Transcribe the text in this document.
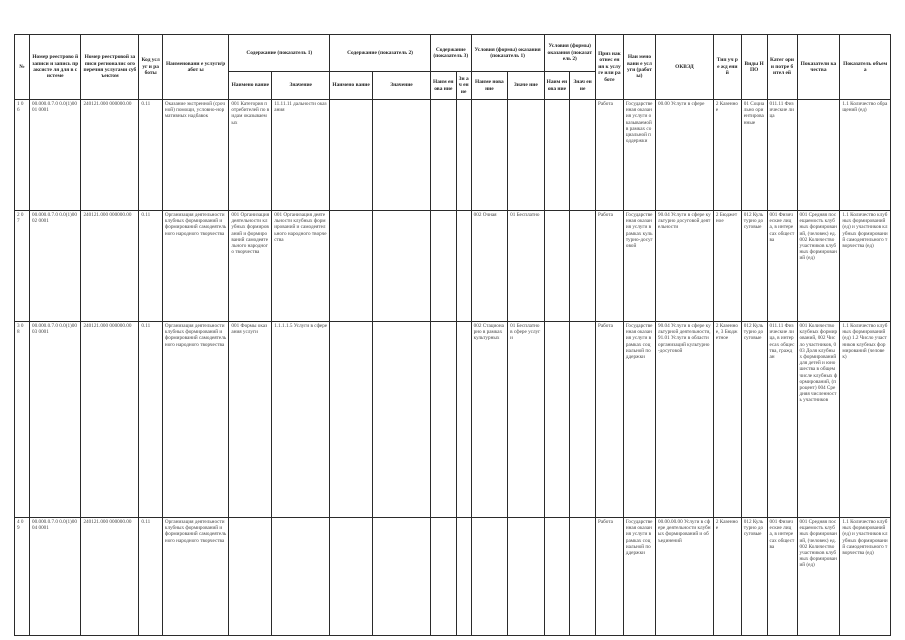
№	Номер реестрово й записи и запись праксисте ля для в системе	Номер реестровой записи регионалис ого перечня услугами субъектом	Код услуг и работы	Наименовани е услуги/работ ы	Содержание (показатель 1)		Содержание (показатель 2)		Содержание (показатель 3)		Условия (формы) оказания (показатель 1)		Условия (формы) оказания (показатель 2)		Приз нак отнес ения к услуге или работе	Наи мено вани е услуги (работ ы)	ОКВЭД	Тип уч ре жд ени й	Виды НПО	Катег ории потре бител ей	Показатели качества	Показатель объема
					Наимено вание	Значение	Наимено вание	Значение	Наим енова ние	Зн ач ен ие	Наиме нование	Значе ние	Наим енова ние	Знач ение								
1 0 6	00.000.0.7.0 0.0(1)0001 0001	240121.000 000000.00	0.11	Оказание экстренной (срочной) помощи, условно-нормативных надбавок	001 Категория потребителей по видам оказываемых	11.11.11 дальности оказания									Работа	Государственная оказания услуги оказываемой в рамках социальной поддержки	00.00 Услуги в сфере	2 Казенное	01 Социально ориентированные	011.11 Физические лица		1.1 Количество обращений (ед)
2 0 7	00.000.0.7.0 0.0(1)0002 0001	240121.000 000000.00	0.11	Организация деятельности клубных формирований и формирований самодеятельного народного творчества	001 Организация деятельности клубных формирований и формирований самодеятельного народного творчества	001 Организация деятельности клубных формирований и самодеятельного народного творчества					002 Очная	01 Бесплатно			Работа	Государственная оказания услуги в рамках культурно-досуговой	90.04 Услуги в сфере культурно досуговой деятельности	2 Бюджетное	012 Культурно досуговые	001 Физические лица, в интересах общества	001 Средняя посещаемость клубных формирований, (человек) ед. 002 Количество участников клубных формирований (ед)	1.1 Количество клубных формирований (ед) и участников клубных формирований самодеятельного творчества (ед)
3 0 8	00.000.0.7.0 0.0(1)0003 0001	240121.000 000000.00	0.11	Организация деятельности клубных формирований и формирований самодеятельного народного творчества	001 Формы оказания услуги	1.1.1.1.5 Услуги в сфере					002 Стационарно в рамках культурных	01 Бесплатно в сфере услуги			Работа	Государственная оказания услуги в рамках социальной поддержки	90.04 Услуги в сфере культурной деятельности, 91.01 Услуги в области организаций культурно-досуговой	2 Казенное, 3 Бюджетное	012 Культурно досуговые	011.11 Физические лица, в интересах общества, граждан	001 Количество клубных формирований, 002 Число участников, 003 Доля клубных формирований для детей и юношества в общем числе клубных формирований, (процент) 004 Средняя численность участников	1.1 Количество клубных формирований (ед) 1.2 Число участников клубных формирований (человек)
4 0 9	00.000.0.7.0 0.0(1)0004 0001	240121.000 000000.00	0.11	Организация деятельности клубных формирований и формирований самодеятельного народного творчества											Работа	Государственная оказания услуги в рамках социальной поддержки	00.00.00.00 Услуги в сфере деятельности клубных формирований и объединений	2 Казенное	012 Культурно досуговые	001 Физические лица, в интересах общества	001 Средняя посещаемость клубных формирований, (человек) ед. 002 Количество участников клубных формирований (ед)	1.1 Количество клубных формирований (ед) и участников клубных формирований самодеятельного творчества (ед)
